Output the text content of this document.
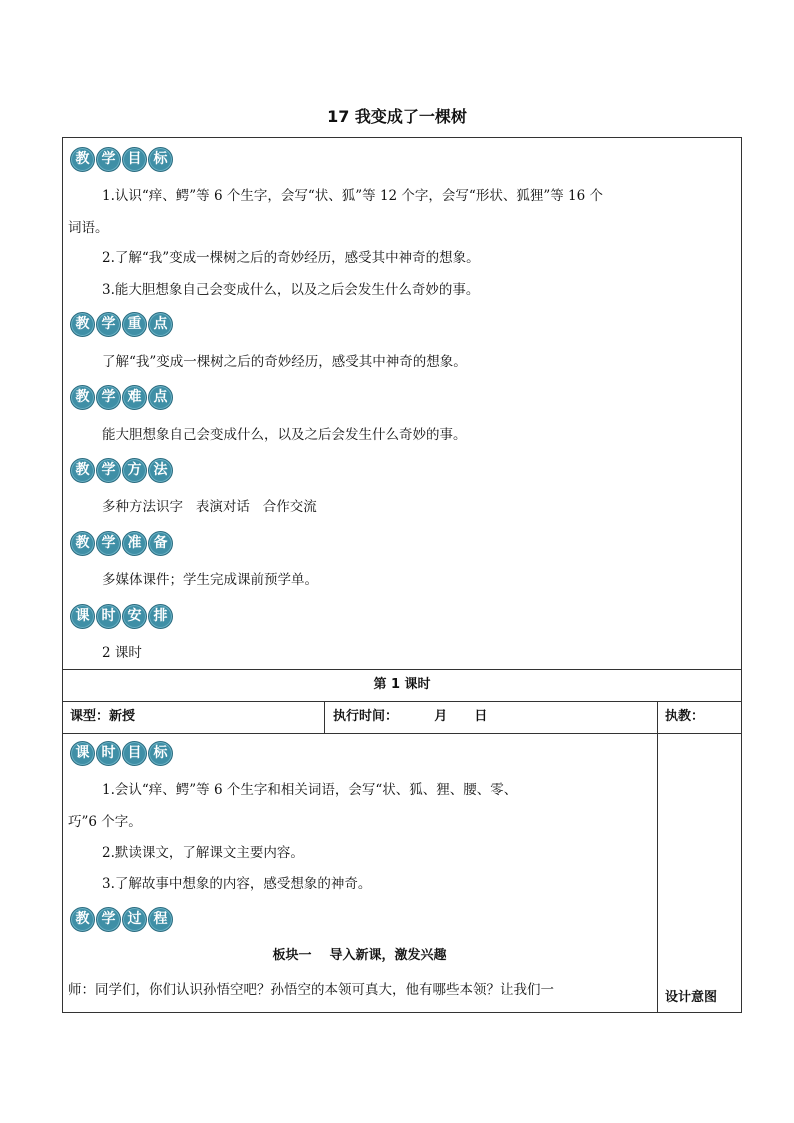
17 我变成了一棵树
教 学 目 标
1.认识“痒、鳄”等 6 个生字，会写“状、狐”等 12 个字，会写“形状、狐狸”等 16 个
词语。
2.了解“我”变成一棵树之后的奇妙经历，感受其中神奇的想象。
3.能大胆想象自己会变成什么，以及之后会发生什么奇妙的事。
教 学 重 点
了解“我”变成一棵树之后的奇妙经历，感受其中神奇的想象。
教 学 难 点
能大胆想象自己会变成什么，以及之后会发生什么奇妙的事。
教 学 方 法
多种方法识字   表演对话   合作交流
教 学 准 备
多媒体课件；学生完成课前预学单。
课 时 安 排
2 课时
第 1 课时
课型：新授	执行时间：        月      日	执教：
课 时 目 标
1.会认“痒、鳄”等 6 个生字和相关词语，会写“状、狐、狸、腰、零、
巧”6 个字。
2.默读课文，了解课文主要内容。
3.了解故事中想象的内容，感受想象的神奇。
教 学 过 程
板块一    导入新课，激发兴趣
师：同学们，你们认识孙悟空吧？孙悟空的本领可真大，他有哪些本领？让我们一	设计意图
